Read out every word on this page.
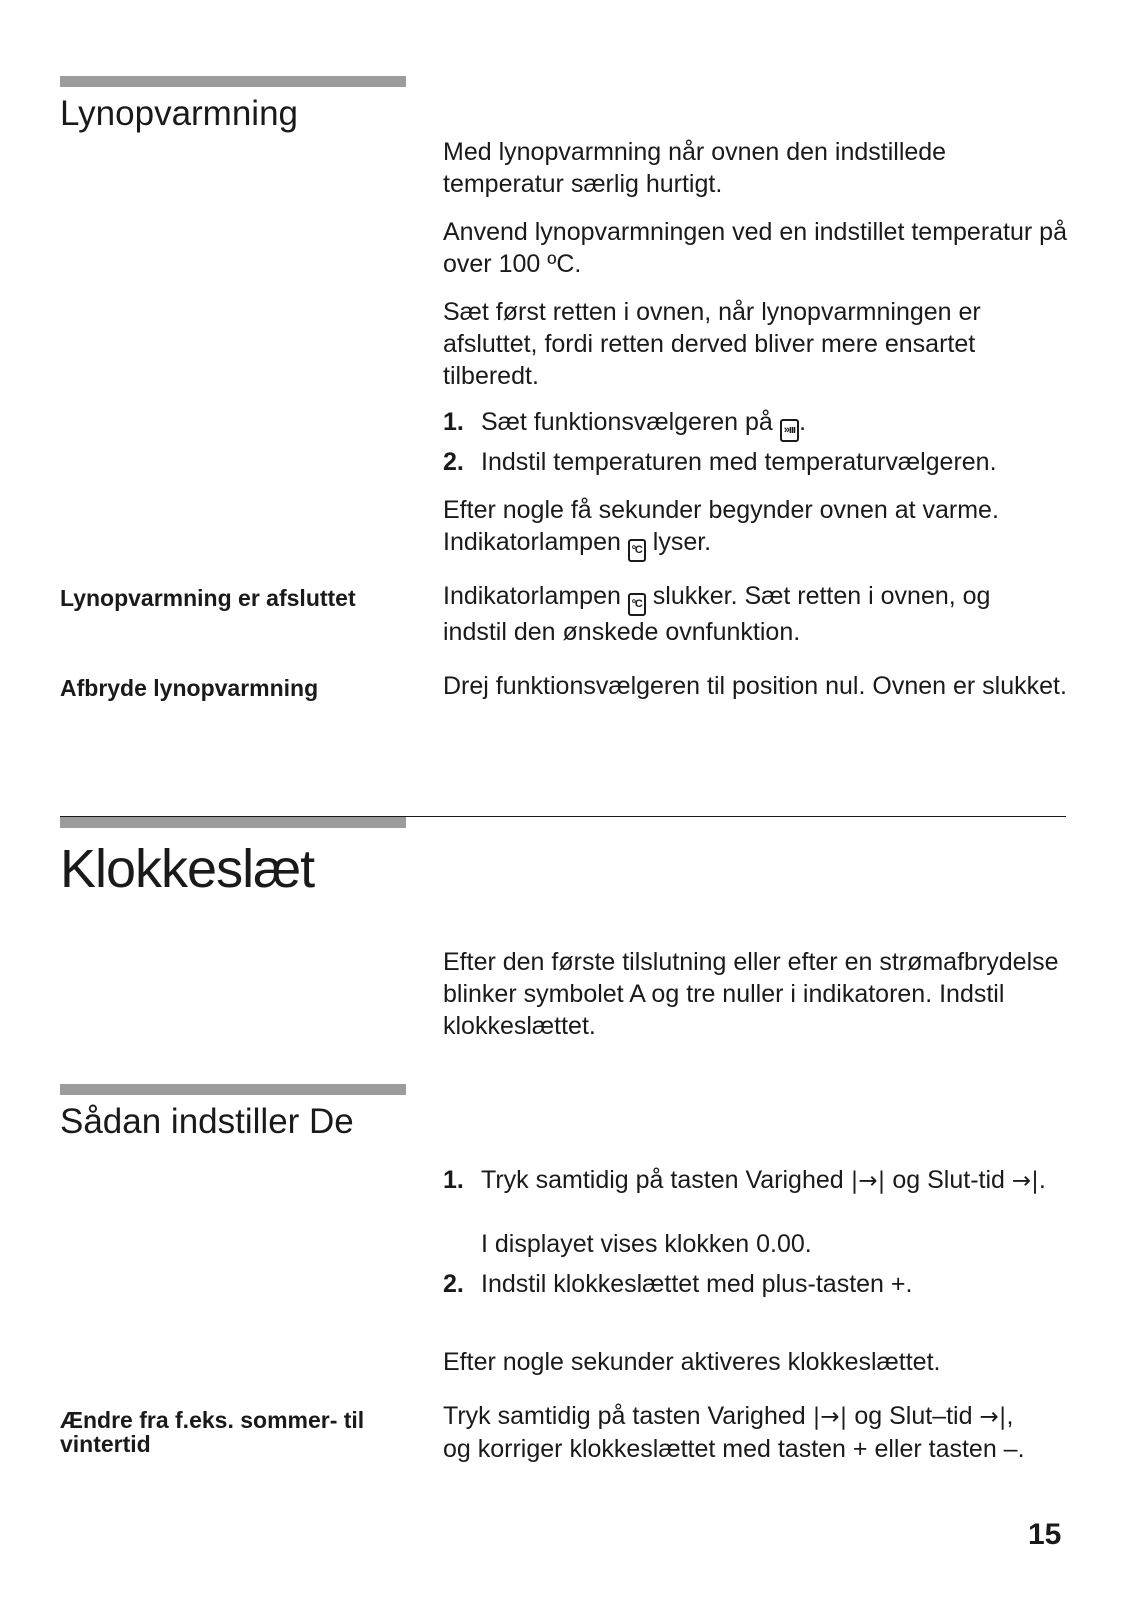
Lynopvarmning

Med lynopvarmning når ovnen den indstillede temperatur særlig hurtigt.

Anvend lynopvarmningen ved en indstillet temperatur på over 100 ºC.

Sæt først retten i ovnen, når lynopvarmningen er afsluttet, fordi retten derved bliver mere ensartet tilberedt.

1. Sæt funktionsvælgeren på »ııı .
2. Indstil temperaturen med temperaturvælgeren.
Efter nogle få sekunder begynder ovnen at varme.
Indikatorlampen ºC lyser.
Lynopvarmning er afsluttet	Indikatorlampen ºC slukker. Sæt retten i ovnen, og
indstil den ønskede ovnfunktion.
Afbryde lynopvarmning	Drej funktionsvælgeren til position nul. Ovnen er slukket.

Klokkeslæt

Efter den første tilslutning eller efter en strømafbrydelse blinker symbolet A og tre nuller i indikatoren. Indstil klokkeslættet.

Sådan indstiller De
1. Tryk samtidig på tasten Varighed |→| og Slut-tid →|.
I displayet vises klokken 0.00.
2. Indstil klokkeslættet med plus-tasten +.

Efter nogle sekunder aktiveres klokkeslættet.

Ændre fra f.eks. sommer- til vintertid
Tryk samtidig på tasten Varighed |→| og Slut–tid →|,
og korriger klokkeslættet med tasten + eller tasten –.
15
